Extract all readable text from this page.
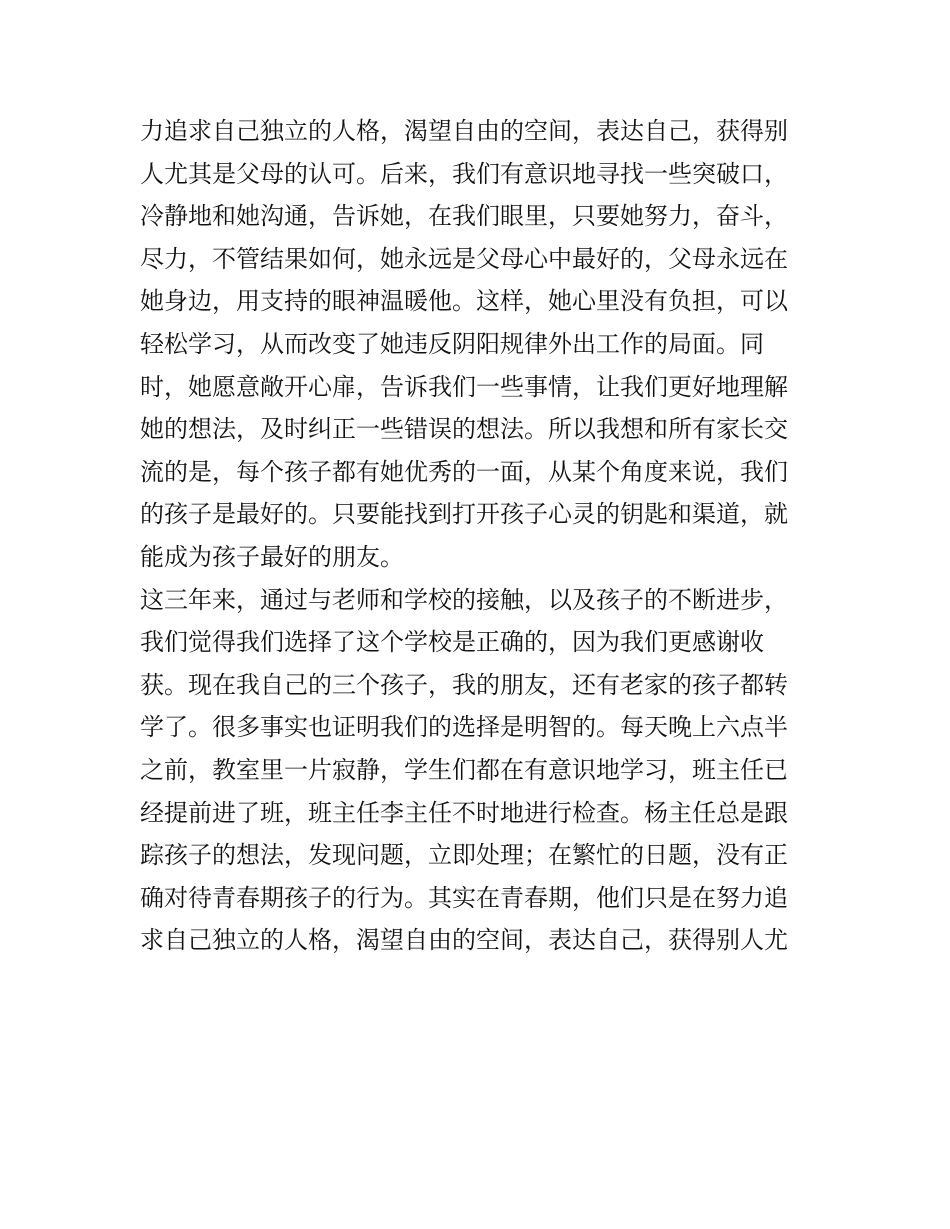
力追求自己独立的人格，渴望自由的空间，表达自己，获得别
人尤其是父母的认可。后来，我们有意识地寻找一些突破口，
冷静地和她沟通，告诉她，在我们眼里，只要她努力，奋斗，
尽力，不管结果如何，她永远是父母心中最好的，父母永远在
她身边，用支持的眼神温暖他。这样，她心里没有负担，可以
轻松学习，从而改变了她违反阴阳规律外出工作的局面。同
时，她愿意敞开心扉，告诉我们一些事情，让我们更好地理解
她的想法，及时纠正一些错误的想法。所以我想和所有家长交
流的是，每个孩子都有她优秀的一面，从某个角度来说，我们
的孩子是最好的。只要能找到打开孩子心灵的钥匙和渠道，就
能成为孩子最好的朋友。
这三年来，通过与老师和学校的接触，以及孩子的不断进步，
我们觉得我们选择了这个学校是正确的，因为我们更感谢收
获。现在我自己的三个孩子，我的朋友，还有老家的孩子都转
学了。很多事实也证明我们的选择是明智的。每天晚上六点半
之前，教室里一片寂静，学生们都在有意识地学习，班主任已
经提前进了班，班主任李主任不时地进行检查。杨主任总是跟
踪孩子的想法，发现问题，立即处理；在繁忙的日题，没有正
确对待青春期孩子的行为。其实在青春期，他们只是在努力追
求自己独立的人格，渴望自由的空间，表达自己，获得别人尤
